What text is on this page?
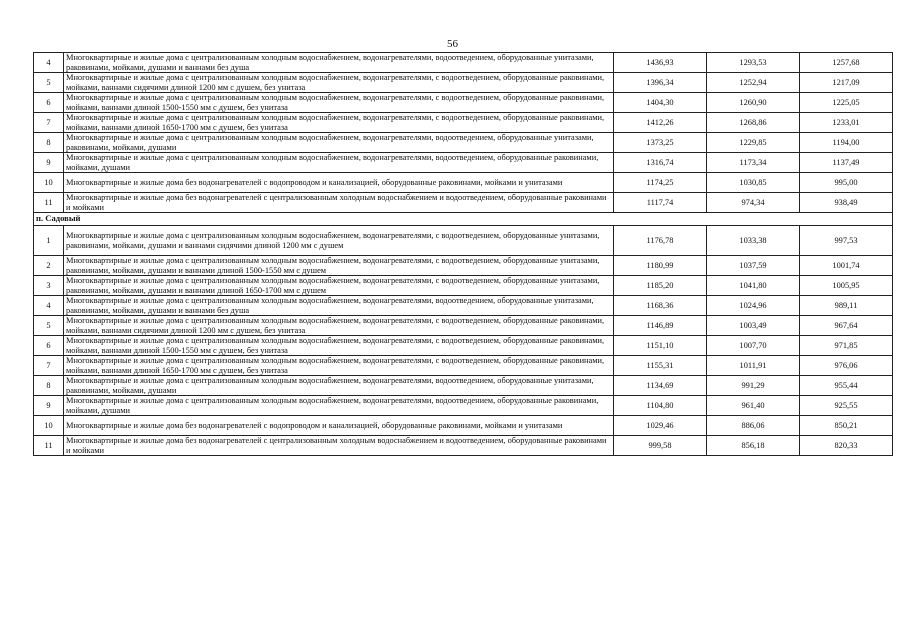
56
4	Многоквартирные и жилые дома с централизованным холодным водоснабжением, водонагревателями, водоотведением, оборудованные унитазами, раковинами, мойками, душами и ваннами без душа	1436,93	1293,53	1257,68
5	Многоквартирные и жилые дома с централизованным холодным водоснабжением, водонагревателями, с водоотведением, оборудованные раковинами, мойками, ваннами сидячими длиной 1200 мм с душем, без унитаза	1396,34	1252,94	1217,09
6	Многоквартирные и жилые дома с централизованным холодным водоснабжением, водонагревателями, с водоотведением, оборудованные раковинами, мойками, ваннами длиной 1500-1550 мм с душем, без унитаза	1404,30	1260,90	1225,05
7	Многоквартирные и жилые дома с централизованным холодным водоснабжением, водонагревателями, с водоотведением, оборудованные раковинами, мойками, ваннами длиной 1650-1700 мм с душем, без унитаза	1412,26	1268,86	1233,01
8	Многоквартирные и жилые дома с централизованным холодным водоснабжением, водонагревателями, водоотведением, оборудованные унитазами, раковинами, мойками, душами	1373,25	1229,85	1194,00
9	Многоквартирные и жилые дома с централизованным холодным водоснабжением, водонагревателями, водоотведением, оборудованные раковинами, мойками, душами	1316,74	1173,34	1137,49
10	Многоквартирные и жилые дома без водонагревателей с водопроводом и канализацией, оборудованные раковинами, мойками и унитазами	1174,25	1030,85	995,00
11	Многоквартирные и жилые дома без водонагревателей с централизованным холодным водоснабжением и водоотведением, оборудованные раковинами и мойками	1117,74	974,34	938,49
п. Садовый				
1	Многоквартирные и жилые дома с централизованным холодным водоснабжением, водонагревателями, с водоотведением, оборудованные унитазами, раковинами, мойками, душами и ваннами сидячими длиной 1200 мм с душем	1176,78	1033,38	997,53
2	Многоквартирные и жилые дома с централизованным холодным водоснабжением, водонагревателями, с водоотведением, оборудованные унитазами, раковинами, мойками, душами и ваннами длиной 1500-1550 мм с душем	1180,99	1037,59	1001,74
3	Многоквартирные и жилые дома с централизованным холодным водоснабжением, водонагревателями, с водоотведением, оборудованные унитазами, раковинами, мойками, душами и ваннами длиной 1650-1700 мм с душем	1185,20	1041,80	1005,95
4	Многоквартирные и жилые дома с централизованным холодным водоснабжением, водонагревателями, водоотведением, оборудованные унитазами, раковинами, мойками, душами и ваннами без душа	1168,36	1024,96	989,11
5	Многоквартирные и жилые дома с централизованным холодным водоснабжением, водонагревателями, с водоотведением, оборудованные раковинами, мойками, ваннами сидячими длиной 1200 мм с душем, без унитаза	1146,89	1003,49	967,64
6	Многоквартирные и жилые дома с централизованным холодным водоснабжением, водонагревателями, с водоотведением, оборудованные раковинами, мойками, ваннами длиной 1500-1550 мм с душем, без унитаза	1151,10	1007,70	971,85
7	Многоквартирные и жилые дома с централизованным холодным водоснабжением, водонагревателями, с водоотведением, оборудованные раковинами, мойками, ваннами длиной 1650-1700 мм с душем, без унитаза	1155,31	1011,91	976,06
8	Многоквартирные и жилые дома с централизованным холодным водоснабжением, водонагревателями, водоотведением, оборудованные унитазами, раковинами, мойками, душами	1134,69	991,29	955,44
9	Многоквартирные и жилые дома с централизованным холодным водоснабжением, водонагревателями, водоотведением, оборудованные раковинами, мойками, душами	1104,80	961,40	925,55
10	Многоквартирные и жилые дома без водонагревателей с водопроводом и канализацией, оборудованные раковинами, мойками и унитазами	1029,46	886,06	850,21
11	Многоквартирные и жилые дома без водонагревателей с централизованным холодным водоснабжением и водоотведением, оборудованные раковинами и мойками	999,58	856,18	820,33
